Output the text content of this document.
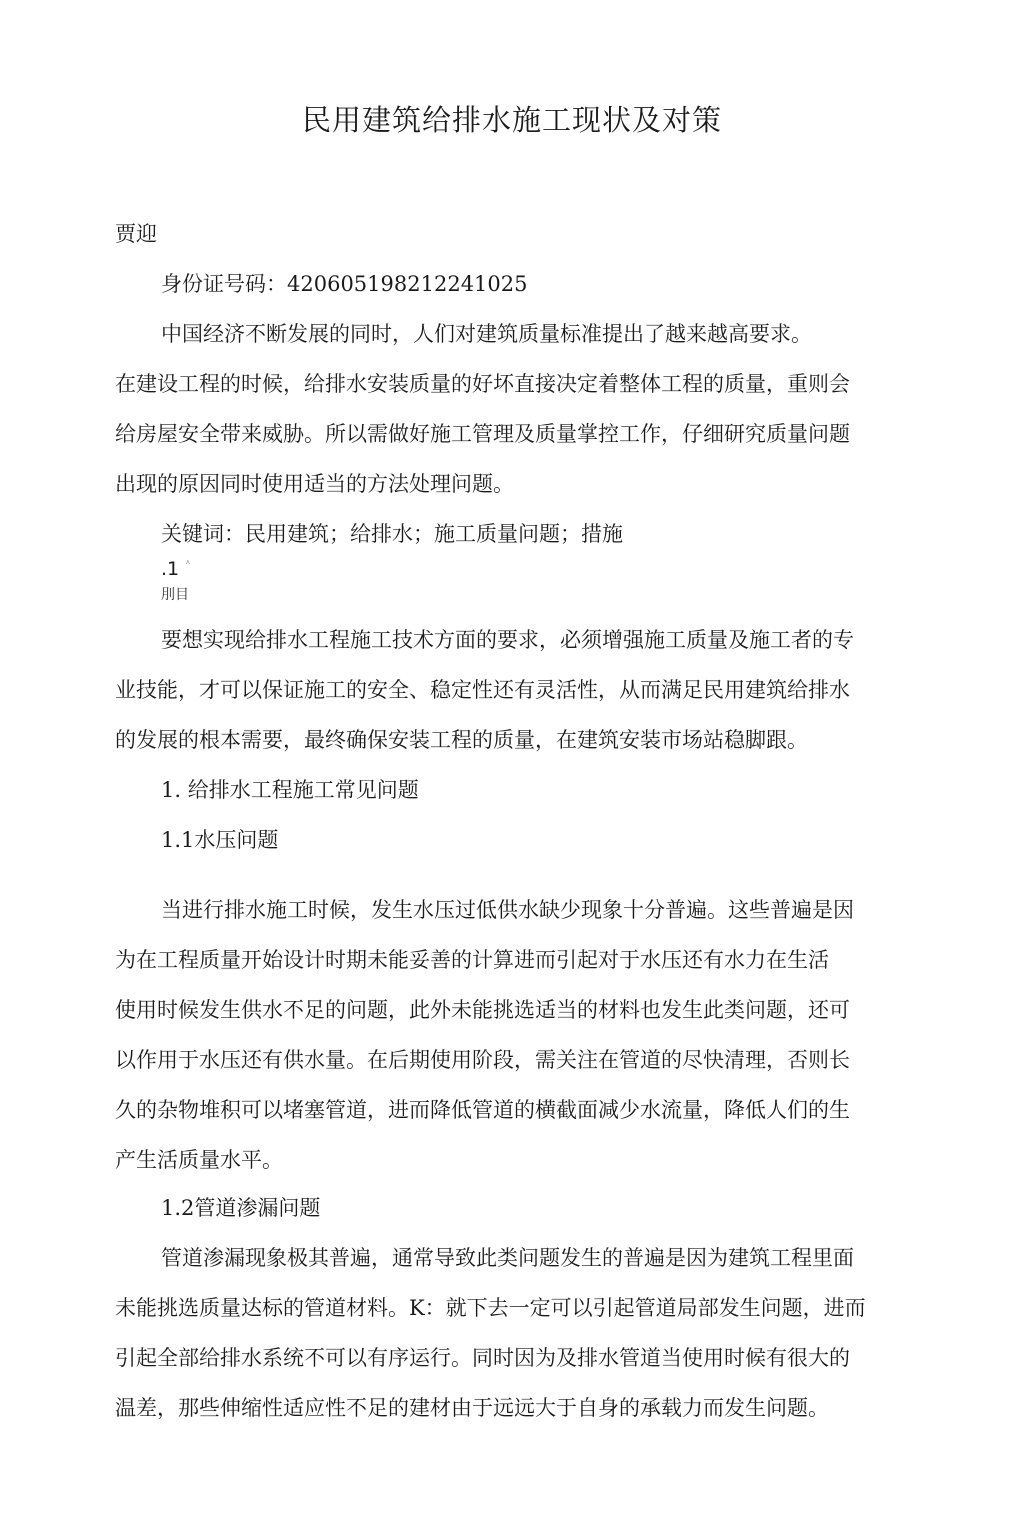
民用建筑给排水施工现状及对策

贾迎

身份证号码：420605198212241025

中国经济不断发展的同时，人们对建筑质量标准提出了越来越高要求。

在建设工程的时候，给排水安装质量的好坏直接决定着整体工程的质量，重则会

给房屋安全带来威胁。所以需做好施工管理及质量掌控工作，仔细研究质量问题

出现的原因同时使用适当的方法处理问题。

关键词：民用建筑；给排水；施工质量问题；措施

.1 ⋏

刖目

要想实现给排水工程施工技术方面的要求，必须增强施工质量及施工者的专

业技能，才可以保证施工的安全、稳定性还有灵活性，从而满足民用建筑给排水

的发展的根本需要，最终确保安装工程的质量，在建筑安装市场站稳脚跟。

1. 给排水工程施工常见问题

1.1水压问题

当进行排水施工时候，发生水压过低供水缺少现象十分普遍。这些普遍是因

为在工程质量开始设计时期未能妥善的计算进而引起对于水压还有水力在生活

使用时候发生供水不足的问题，此外未能挑选适当的材料也发生此类问题，还可

以作用于水压还有供水量。在后期使用阶段，需关注在管道的尽快清理，否则长

久的杂物堆积可以堵塞管道，进而降低管道的横截面减少水流量，降低人们的生

产生活质量水平。

1.2管道渗漏问题

管道渗漏现象极其普遍，通常导致此类问题发生的普遍是因为建筑工程里面

未能挑选质量达标的管道材料。K：就下去一定可以引起管道局部发生问题，进而

引起全部给排水系统不可以有序运行。同时因为及排水管道当使用时候有很大的

温差，那些伸缩性适应性不足的建材由于远远大于自身的承载力而发生问题。
